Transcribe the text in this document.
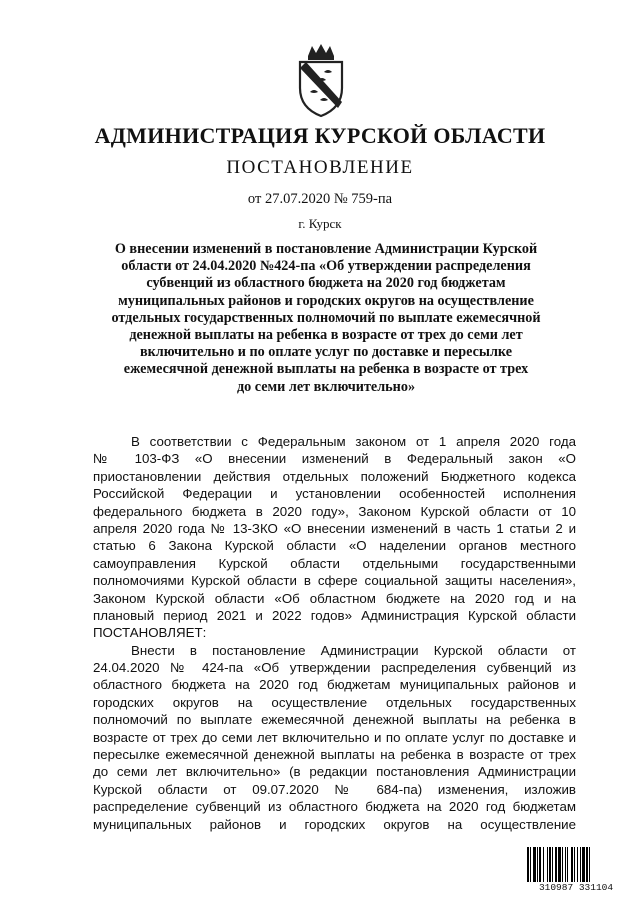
АДМИНИСТРАЦИЯ КУРСКОЙ ОБЛАСТИ
ПОСТАНОВЛЕНИЕ
от 27.07.2020 № 759-па
г. Курск
О внесении изменений в постановление Администрации Курской
области от 24.04.2020 №424-па «Об утверждении распределения
субвенций из областного бюджета на 2020 год бюджетам
муниципальных районов и городских округов на осуществление
отдельных государственных полномочий по выплате ежемесячной
денежной выплаты на ребенка в возрасте от трех до семи лет
включительно и по оплате услуг по доставке и пересылке
ежемесячной денежной выплаты на ребенка в возрасте от трех
до семи лет включительно»
В соответствии с Федеральным законом от 1 апреля 2020 года
№ 103-ФЗ «О внесении изменений в Федеральный закон «О
приостановлении действия отдельных положений Бюджетного кодекса
Российской Федерации и установлении особенностей исполнения
федерального бюджета в 2020 году», Законом Курской области от 10
апреля 2020 года № 13-ЗКО «О внесении изменений в часть 1 статьи 2 и
статью 6 Закона Курской области «О наделении органов местного
самоуправления Курской области отдельными государственными
полномочиями Курской области в сфере социальной защиты населения»,
Законом Курской области «Об областном бюджете на 2020 год и на
плановый период 2021 и 2022 годов» Администрация Курской области
ПОСТАНОВЛЯЕТ:
Внести в постановление Администрации Курской области от
24.04.2020 № 424-па «Об утверждении распределения субвенций из
областного бюджета на 2020 год бюджетам муниципальных районов и
городских округов на осуществление отдельных государственных
полномочий по выплате ежемесячной денежной выплаты на ребенка в
возрасте от трех до семи лет включительно и по оплате услуг по доставке и
пересылке ежемесячной денежной выплаты на ребенка в возрасте от трех
до семи лет включительно» (в редакции постановления Администрации
Курской области от 09.07.2020 № 684-па) изменения, изложив
распределение субвенций из областного бюджета на 2020 год бюджетам
муниципальных районов и городских округов на осуществление
310987 331104
